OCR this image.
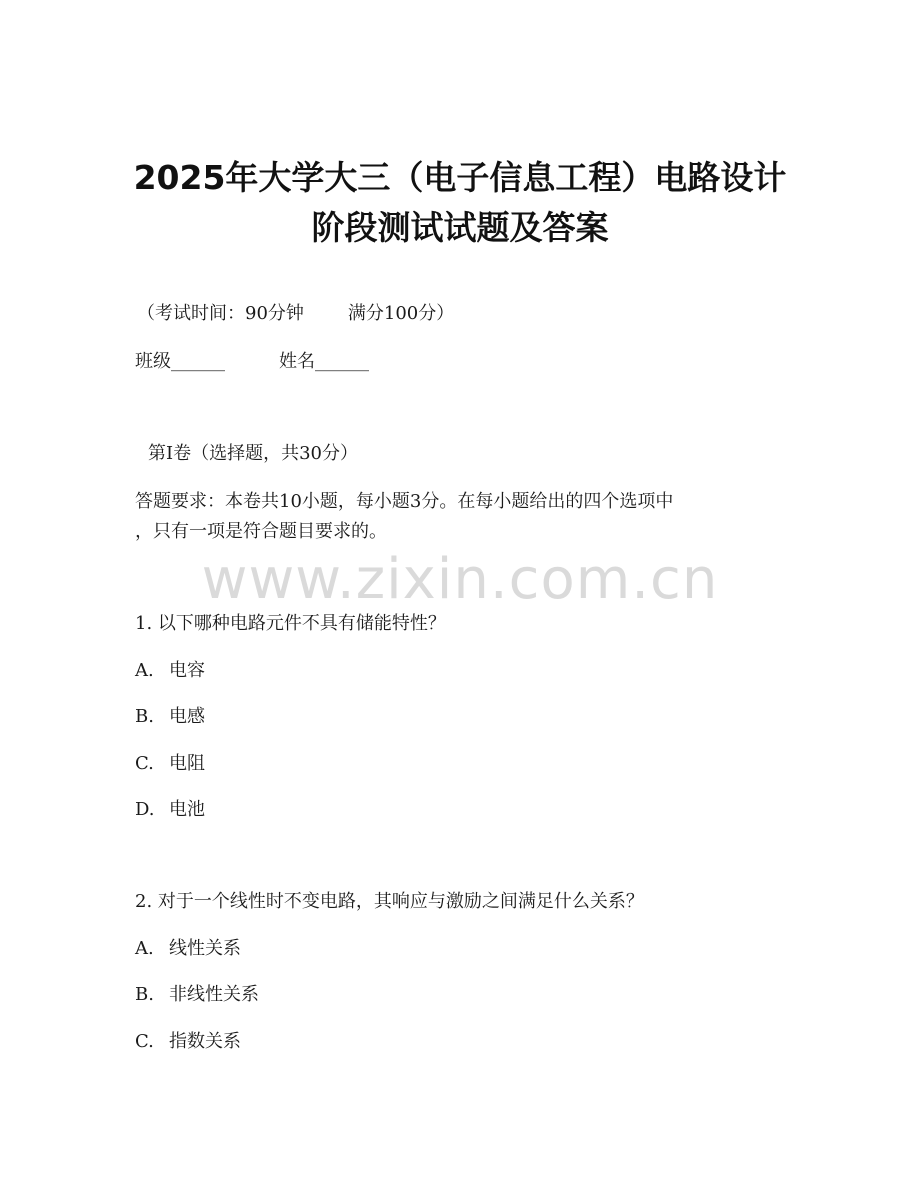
2025年大学大三（电子信息工程）电路设计
阶段测试试题及答案
（考试时间：90分钟 满分100分）
班级______	姓名______
第I卷（选择题，共30分）
答题要求：本卷共10小题，每小题3分。在每小题给出的四个选项中
，只有一项是符合题目要求的。
www.zixin.com.cn
1. 以下哪种电路元件不具有储能特性？
A. 电容
B. 电感
C. 电阻
D. 电池
2. 对于一个线性时不变电路，其响应与激励之间满足什么关系？
A. 线性关系
B. 非线性关系
C. 指数关系
